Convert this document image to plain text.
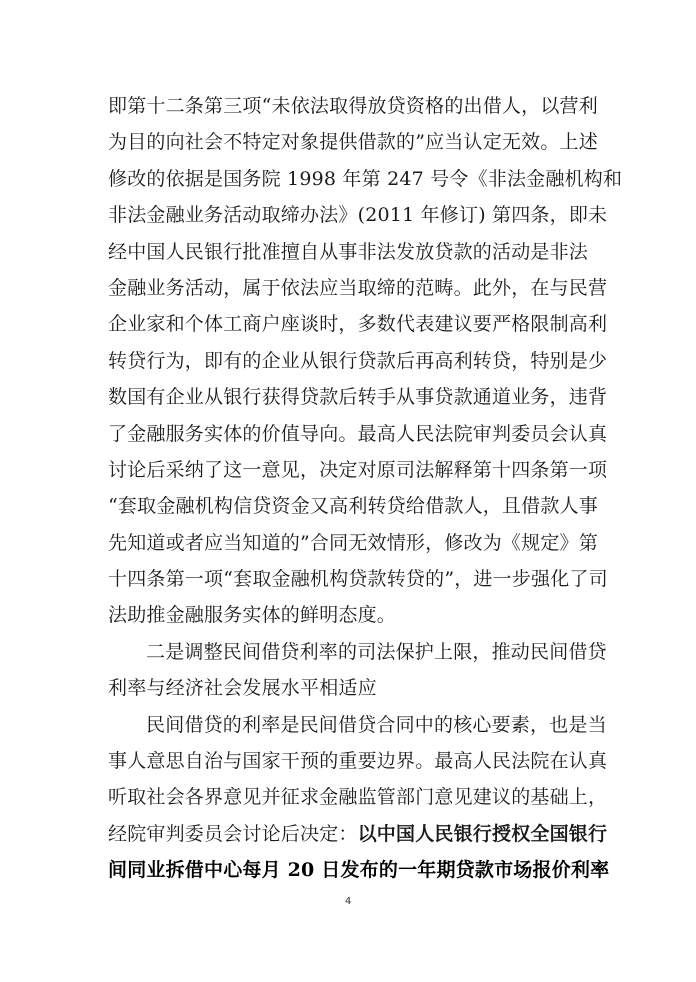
即第十二条第三项“未依法取得放贷资格的出借人，以营利
为目的向社会不特定对象提供借款的”应当认定无效。上述
修改的依据是国务院 1998 年第 247 号令《非法金融机构和
非法金融业务活动取缔办法》(2011 年修订) 第四条，即未
经中国人民银行批准擅自从事非法发放贷款的活动是非法
金融业务活动，属于依法应当取缔的范畴。此外，在与民营
企业家和个体工商户座谈时，多数代表建议要严格限制高利
转贷行为，即有的企业从银行贷款后再高利转贷，特别是少
数国有企业从银行获得贷款后转手从事贷款通道业务，违背
了金融服务实体的价值导向。最高人民法院审判委员会认真
讨论后采纳了这一意见，决定对原司法解释第十四条第一项
“套取金融机构信贷资金又高利转贷给借款人，且借款人事
先知道或者应当知道的”合同无效情形，修改为《规定》第
十四条第一项“套取金融机构贷款转贷的”，进一步强化了司
法助推金融服务实体的鲜明态度。
二是调整民间借贷利率的司法保护上限，推动民间借贷
利率与经济社会发展水平相适应
民间借贷的利率是民间借贷合同中的核心要素，也是当
事人意思自治与国家干预的重要边界。最高人民法院在认真
听取社会各界意见并征求金融监管部门意见建议的基础上，
经院审判委员会讨论后决定：以中国人民银行授权全国银行
间同业拆借中心每月 20 日发布的一年期贷款市场报价利率
4
